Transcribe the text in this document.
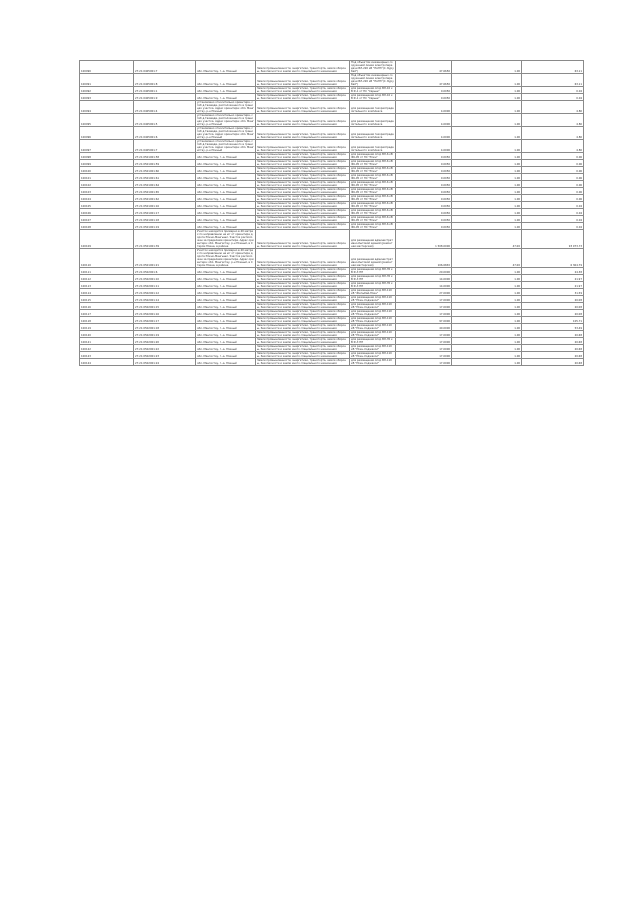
100090	27:21:0405001:7	обл. Мангистау, г.-а. Южный	Земли промышленности, энергетики, транспорта, земли обороны, безопасности и земли иного специального назначения	Под объектом инженерных сооружений линии электропередачи ВЛ-220 кВ "НАПЗ"(С. Бурубай")	47.6650	1.00	63.11
100091	27:21:0405001:8	обл. Мангистау, г.-а. Южный	Земли промышленности, энергетики, транспорта, земли обороны, безопасности и земли иного специального назначения	Под объектом инженерных сооружений линии электропередачи ВЛ-220 кВ "НАПЗ"(С. Бурубай")	47.6650	1.00	63.11
100092	27:21:0405001:1	обл. Мангистау, г.-а. Южный	Земли промышленности, энергетики, транспорта, земли обороны, безопасности и земли иного специального назначения	для размещения опор ВЛ-10 кВ Ф-1 от ПС "Сарыш"	0.0050	1.00	0.04
100093	27:21:0405001:9	обл. Мангистау, г.-а. Южный	Земли промышленности, энергетики, транспорта, земли обороны, безопасности и земли иного специального назначения	для размещения опор ВЛ-10 кВ Ф-1 от ПС "Сарыш"	0.0050	1.00	0.04
100094	27:21:0405001:4	установлено относительно ориентира, сгиб д.Гаювада, расположенного в границах участка. Адрес ориентира: обл. Мангистау, р-н Южный	Земли промышленности, энергетики, транспорта, земли обороны, безопасности и земли иного специального назначения	для размещения газораспределительного комплекса	4.0000	1.00	4.80
100095	27:21:0405001:5	установлено относительно ориентира, сгиб д.Гаювада, расположенного в границах участка. Адрес ориентира: обл. Мангистау, р-н Южный	Земли промышленности, энергетики, транспорта, земли обороны, безопасности и земли иного специального назначения	для размещения газораспределительного комплекса	4.0000	1.00	4.80
100096	27:21:0405001:6	установлено относительно ориентира, сгиб д.Гаювада, расположенного в границах участка. Адрес ориентира: обл. Мангистау, р-н Южный	Земли промышленности, энергетики, транспорта, земли обороны, безопасности и земли иного специального назначения	для размещения газораспределительного комплекса	4.0000	1.00	4.80
100097	27:21:0405001:7	установлено относительно ориентира, сгиб д.Гаювада, расположенного в границах участка. Адрес ориентира: обл. Мангистау, р-н Южный	Земли промышленности, энергетики, транспорта, земли обороны, безопасности и земли иного специального назначения	для размещения газораспределительного комплекса	4.0000	1.00	4.80
100098	27:21:0501001:58	обл. Мангистау, г.-а. Южный	Земли промышленности, энергетики, транспорта, земли обороны, безопасности и земли иного специального назначения	для размещения опор ВЛ-6 кВ Ф6-05 от ПС "Южн"	0.0050	1.00	0.06
100099	27:21:0501001:59	обл. Мангистау, г.-а. Южный	Земли промышленности, энергетики, транспорта, земли обороны, безопасности и земли иного специального назначения	для размещения опор ВЛ-6 кВ Ф6-05 от ПС "Южн"	0.0050	1.00	0.06
100100	27:21:0501001:60	обл. Мангистау, г.-а. Южный	Земли промышленности, энергетики, транспорта, земли обороны, безопасности и земли иного специального назначения	для размещения опор ВЛ-6 кВ Ф6-05 от ПС "Южн"	0.0050	1.00	0.06
100101	27:21:0501001:61	обл. Мангистау, г.-а. Южный	Земли промышленности, энергетики, транспорта, земли обороны, безопасности и земли иного специального назначения	для размещения опор ВЛ-6 кВ Ф6-05 от ПС "Южн"	0.0050	1.00	0.06
100102	27:21:0501001:64	обл. Мангистау, г.-а. Южный	Земли промышленности, энергетики, транспорта, земли обороны, безопасности и земли иного специального назначения	для размещения опор ВЛ-6 кВ Ф6-05 от ПС "Южн"	0.0050	1.00	0.06
100103	27:21:0501001:65	обл. Мангистау, г.-а. Южный	Земли промышленности, энергетики, транспорта, земли обороны, безопасности и земли иного специального назначения	для размещения опор ВЛ-6 кВ Ф6-05 от ПС "Южн"	0.0050	1.00	0.06
100104	27:21:0501001:62	обл. Мангистау, г.-а. Южный	Земли промышленности, энергетики, транспорта, земли обороны, безопасности и земли иного специального назначения	для размещения опор ВЛ-6 кВ Ф6-05 от ПС "Южн"	0.0050	1.00	0.06
100105	27:21:0501001:16	обл. Мангистау, г.-а. Южный	Земли промышленности, энергетики, транспорта, земли обороны, безопасности и земли иного специального назначения	для размещения опор ВЛ-6 кВ Ф6-05 от ПС "Южн"	0.0050	1.00	0.04
100106	27:21:0501001:17	обл. Мангистау, г.-а. Южный	Земли промышленности, энергетики, транспорта, земли обороны, безопасности и земли иного специального назначения	для размещения опор ВЛ-6 кВ Ф6-05 от ПС "Южн"	0.0050	1.00	0.04
100107	27:21:0501001:18	обл. Мангистау, г.-а. Южный	Земли промышленности, энергетики, транспорта, земли обороны, безопасности и земли иного специального назначения	для размещения опор ВЛ-6 кВ Ф6-05 от ПС "Южн"	0.0050	1.00	0.04
100108	27:21:0501001:19	обл. Мангистау, г.-а. Южный	Земли промышленности, энергетики, транспорта, земли обороны, безопасности и земли иного специального назначения	для размещения опор ВЛ-6 кВ Ф6-05 от ПС "Южн"	0.0050	1.00	0.04
100109	27:21:0501001:39	Участок находится примерно в 40 метрах по направлению на юг от ориентира дорога Южно-Мангышл. Участок расположен за пределами ориентира. Адрес ориентира: обл. Мангистау, р-н Южный, в Старом Южне, в районе	Земли промышленности, энергетики, транспорта, земли обороны, безопасности и земли иного специального назначения	для размещения административно-бытовой зданий (ремонтная мастерская)	1 508.0000	47.00	93 973.73
100110	27:21:0501001:21	Участок находится примерно в 40 метрах по направлению на юг от ориентира дорога Южно-Мангышл. Участок расположен за пределами ориентира. Адрес ориентира: обл. Мангистау, р-н Южный, в Старом Южне, в районе	Земли промышленности, энергетики, транспорта, земли обороны, безопасности и земли иного специального назначения	для размещения административно-бытовой зданий (ремонтная мастерская)	106.6650	47.00	6 364.79
100111	27:21:0502001:6	обл. Мангистау, г.-а. Южный	Земли промышленности, энергетики, транспорта, земли обороны, безопасности и земли иного специального назначения	для размещения опор ВЛ-35 кВ Ф-3 ПН	20.0000	1.00	24.38
100112	27:21:0502001:10	обл. Мангистау, г.-а. Южный	Земли промышленности, энергетики, транспорта, земли обороны, безопасности и земли иного специального назначения	для размещения опор ВЛ-35 кВ Ф-3 ПН	14.0000	1.00	21.97
100113	27:21:0502001:11	обл. Мангистау, г.-а. Южный	Земли промышленности, энергетики, транспорта, земли обороны, безопасности и земли иного специального назначения	для размещения опор ВЛ-35 кВ Ф-3 ПН	14.0000	1.00	21.97
100114	27:21:0502001:12	обл. Мангистау, г.-а. Южный	Земли промышленности, энергетики, транспорта, земли обороны, безопасности и земли иного специального назначения	для размещения опор ВЛ-110 кВ "Жетыбай-Южн"	27.0000	1.00	31.59
100115	27:21:0502001:14	обл. Мангистау, г.-а. Южный	Земли промышленности, энергетики, транспорта, земли обороны, безопасности и земли иного специального назначения	для размещения опор ВЛ-110 кВ "Южн-Ходжакол"	17.0000	1.00	20.08
100116	27:21:0502001:15	обл. Мангистау, г.-а. Южный	Земли промышленности, энергетики, транспорта, земли обороны, безопасности и земли иного специального назначения	для размещения опор ВЛ-110 кВ "Южн-Ходжакол"	17.0000	1.00	20.08
100117	27:21:0502001:16	обл. Мангистау, г.-а. Южный	Земли промышленности, энергетики, транспорта, земли обороны, безопасности и земли иного специального назначения	для размещения опор ВЛ-110 кВ "Южн-Ходжакол"	17.0000	1.00	20.08
100118	27:21:0502001:17	обл. Мангистау, г.-а. Южный	Земли промышленности, энергетики, транспорта, земли обороны, безопасности и земли иного специального назначения	для размещения опор ВЛ-110 кВ "Южн-Ходжакол"	97.0000	1.00	105.71
100119	27:21:0502001:18	обл. Мангистау, г.-а. Южный	Земли промышленности, энергетики, транспорта, земли обороны, безопасности и земли иного специального назначения	для размещения опор ВЛ-110 кВ "Южн-Ходжакол"	40.0000	1.00	53.49
100120	27:21:0502001:19	обл. Мангистау, г.-а. Южный	Земли промышленности, энергетики, транспорта, земли обороны, безопасности и земли иного специального назначения	для размещения опор ВЛ-110 кВ "Южн-Ходжакол"	17.0000	1.00	20.68
100121	27:21:0502001:20	обл. Мангистау, г.-а. Южный	Земли промышленности, энергетики, транспорта, земли обороны, безопасности и земли иного специального назначения	для размещения опор ВЛ-35 кВ Ф-3 ПН	17.0000	1.00	20.68
100122	27:21:0502001:22	обл. Мангистау, г.-а. Южный	Земли промышленности, энергетики, транспорта, земли обороны, безопасности и земли иного специального назначения	для размещения опор ВЛ-110 кВ "Южн-Ходжакол"	17.0000	1.00	20.68
100123	27:21:0502001:23	обл. Мангистау, г.-а. Южный	Земли промышленности, энергетики, транспорта, земли обороны, безопасности и земли иного специального назначения	для размещения опор ВЛ-110 кВ "Южн-Ходжакол"	17.0000	1.00	20.68
100124	27:21:0502001:24	обл. Мангистау, г.-а. Южный	Земли промышленности, энергетики, транспорта, земли обороны, безопасности и земли иного специального назначения	для размещения опор ВЛ-110 кВ "Южн-Ходжакол"	17.0000	1.00	20.68
